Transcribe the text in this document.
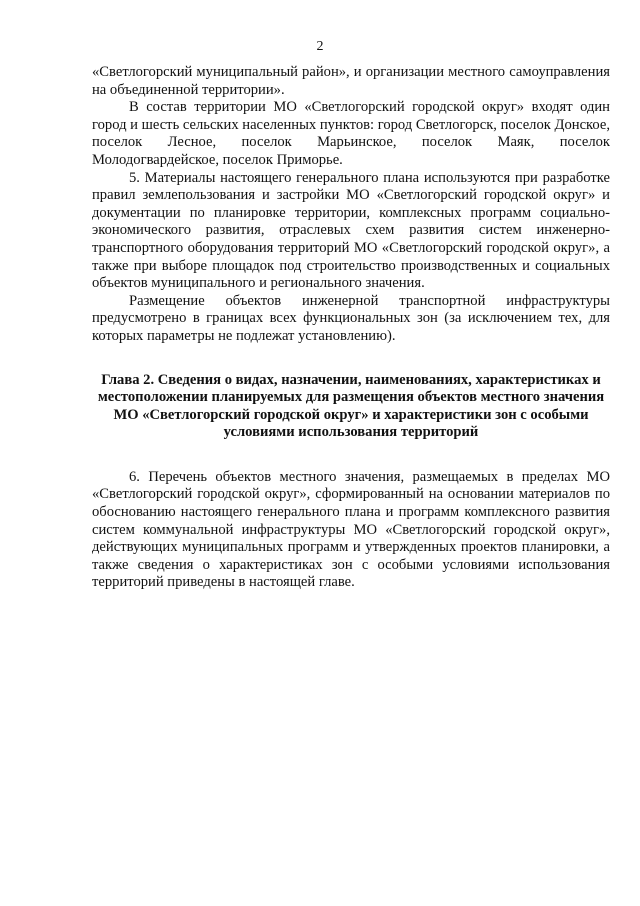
2

«Светлогорский муниципальный район», и организации местного самоуправления на объединенной территории».

В состав территории МО «Светлогорский городской округ» входят один город и шесть сельских населенных пунктов: город Светлогорск, поселок Донское, поселок Лесное, поселок Марьинское, поселок Маяк, поселок Молодогвардейское, поселок Приморье.

5. Материалы настоящего генерального плана используются при разработке правил землепользования и застройки МО «Светлогорский городской округ» и документации по планировке территории, комплексных программ социально-экономического развития, отраслевых схем развития систем инженерно-транспортного оборудования территорий МО «Светлогорский городской округ», а также при выборе площадок под строительство производственных и социальных объектов муниципального и регионального значения.

Размещение объектов инженерной транспортной инфраструктуры предусмотрено в границах всех функциональных зон (за исключением тех, для которых параметры не подлежат установлению).

Глава 2. Сведения о видах, назначении, наименованиях, характеристиках и местоположении планируемых для размещения объектов местного значения МО «Светлогорский городской округ» и характеристики зон с особыми условиями использования территорий

6. Перечень объектов местного значения, размещаемых в пределах МО «Светлогорский городской округ», сформированный на основании материалов по обоснованию настоящего генерального плана и программ комплексного развития систем коммунальной инфраструктуры МО «Светлогорский городской округ», действующих муниципальных программ и утвержденных проектов планировки, а также сведения о характеристиках зон с особыми условиями использования территорий приведены в настоящей главе.
